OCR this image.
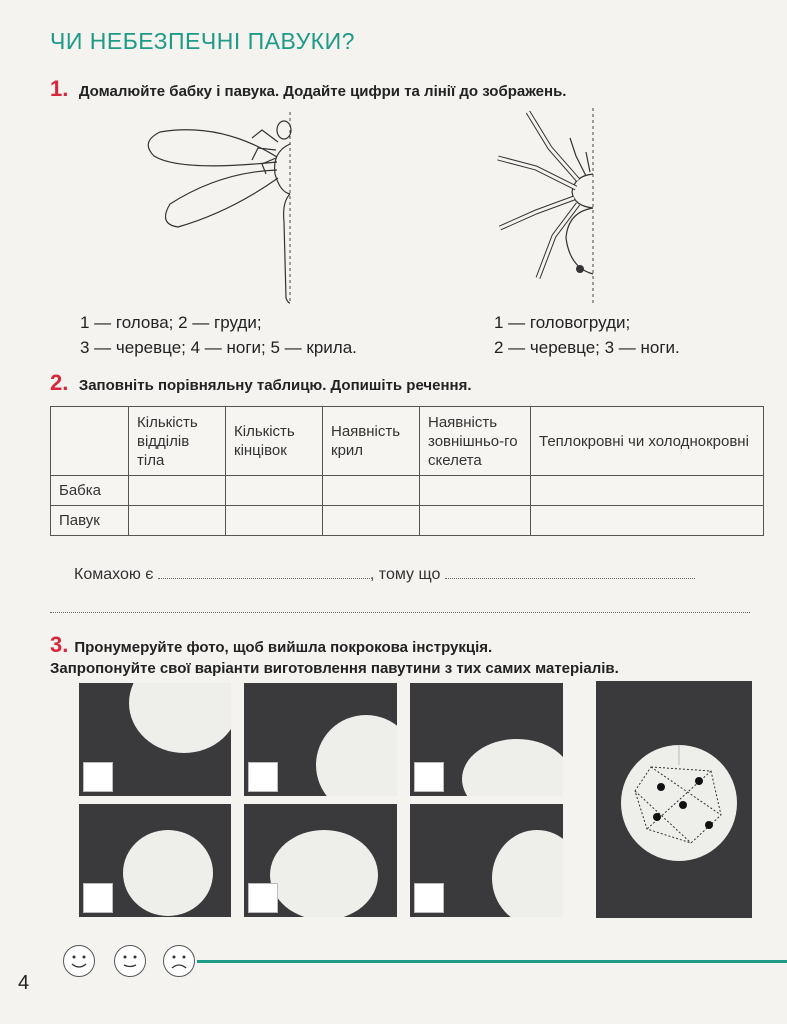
ЧИ НЕБЕЗПЕЧНІ ПАВУКИ?
1. Домалюйте бабку і павука. Додайте цифри та лінії до зображень.
1 — голова; 2 — груди;
3 — черевце; 4 — ноги; 5 — крила.
1 — головогруди;
2 — черевце; 3 — ноги.
2. Заповніть порівняльну таблицю. Допишіть речення.
	Кількість відділів тіла	Кількість кінцівок	Наявність крил	Наявність зовнішньо-го скелета	Теплокровні чи холоднокровні
Бабка					
Павук					
Комахою є	, тому що
3. Пронумеруйте фото, щоб вийшла покрокова інструкція.
Запропонуйте свої варіанти виготовлення павутини з тих самих матеріалів.
4
